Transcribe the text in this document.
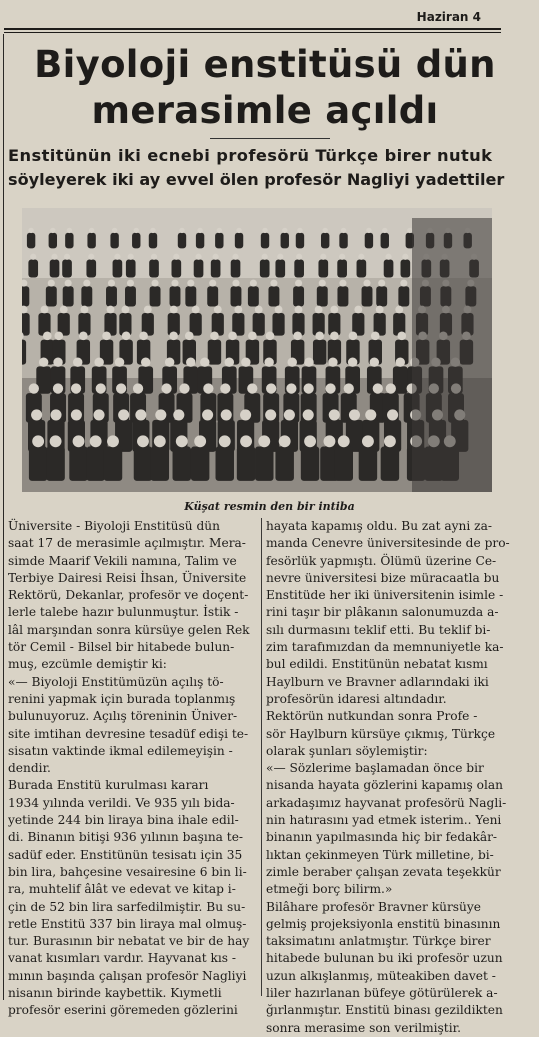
Haziran 4
Biyoloji enstitüsü dün
merasimle açıldı
Enstitünün iki ecnebi profesörü Türkçe birer nutuk
söyleyerek iki ay evvel ölen profesör Nagliyi yadettiler
Küşat resmin den bir intiba

Üniversite - Biyoloji Enstitüsü dün

saat 17 de merasimle açılmıştır. Mera-

simde Maarif Vekili namına, Talim ve

Terbiye Dairesi Reisi İhsan, Üniversite

Rektörü, Dekanlar, profesör ve doçent-

lerle talebe hazır bulunmuştur. İstik -

lâl marşından sonra kürsüye gelen Rek

tör Cemil - Bilsel bir hitabede bulun-

muş, ezcümle demiştir ki:

«— Biyoloji Enstitümüzün açılış tö-

renini yapmak için burada toplanmış

bulunuyoruz. Açılış töreninin Üniver-

site imtihan devresine tesadüf edişi te-

sisatın vaktinde ikmal edilemeyişin -

dendir.

Burada Enstitü kurulması kararı

1934 yılında verildi. Ve 935 yılı bida-

yetinde 244 bin liraya bina ihale edil-

di. Binanın bitişi 936 yılının başına te-

sadüf eder. Enstitünün tesisatı için 35

bin lira, bahçesine vesairesine 6 bin li-

ra, muhtelif âlât ve edevat ve kitap i-

çin de 52 bin lira sarfedilmiştir. Bu su-

retle Enstitü 337 bin liraya mal olmuş-

tur. Burasının bir nebatat ve bir de hay

vanat kısımları vardır. Hayvanat kıs -

mının başında çalışan profesör Nagliyi

nisanın birinde kaybettik. Kıymetli

profesör eserini göremeden gözlerini

hayata kapamış oldu. Bu zat ayni za-

manda Cenevre üniversitesinde de pro-

fesörlük yapmıştı. Ölümü üzerine Ce-

nevre üniversitesi bize müracaatla bu

Enstitüde her iki üniversitenin isimle -

rini taşır bir plâkanın salonumuzda a-

sılı durmasını teklif etti. Bu teklif bi-

zim tarafımızdan da memnuniyetle ka-

bul edildi. Enstitünün nebatat kısmı

Haylburn ve Bravner adlarındaki iki

profesörün idaresi altındadır.

Rektörün nutkundan sonra Profe -

sör Haylburn kürsüye çıkmış, Türkçe

olarak şunları söylemiştir:

«— Sözlerime başlamadan önce bir

nisanda hayata gözlerini kapamış olan

arkadaşımız hayvanat profesörü Nagli-

nin hatırasını yad etmek isterim.. Yeni

binanın yapılmasında hiç bir fedakâr-

lıktan çekinmeyen Türk milletine, bi-

zimle beraber çalışan zevata teşekkür

etmeği borç bilirm.»

Bilâhare profesör Bravner kürsüye

gelmiş projeksiyonla enstitü binasının

taksimatını anlatmıştır. Türkçe birer

hitabede bulunan bu iki profesör uzun

uzun alkışlanmış, müteakiben davet -

liler hazırlanan büfeye götürülerek a-

ğırlanmıştır. Enstitü binası gezildikten

sonra merasime son verilmiştir.
